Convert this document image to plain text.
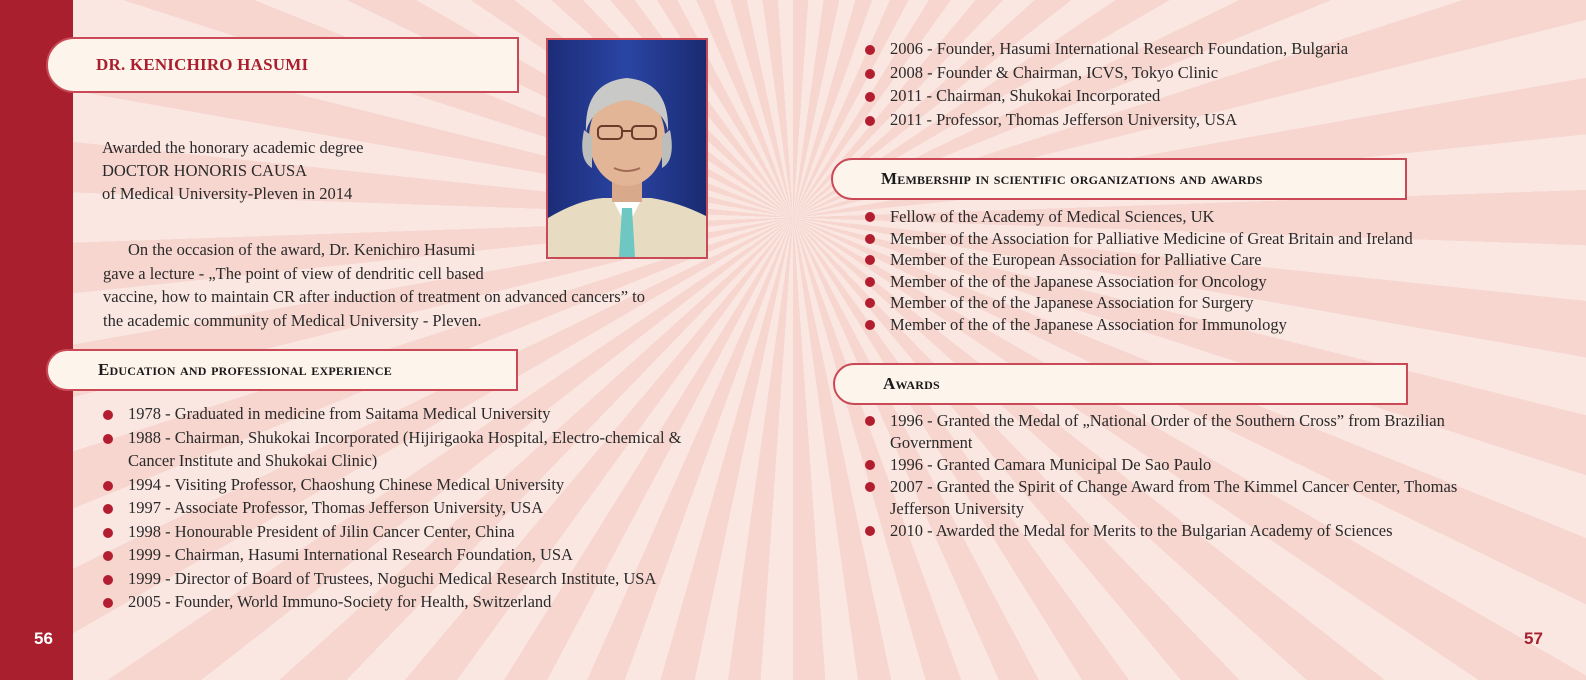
DR. KENICHIRO HASUMI
Awarded the honorary academic degree
DOCTOR HONORIS CAUSA
of Medical University-Pleven in 2014
On the occasion of the award, Dr. Kenichiro Hasumi
gave a lecture - „The point of view of dendritic cell based
vaccine, how to maintain CR after induction of treatment on advanced cancers” to
the academic community of Medical University - Pleven.
Education and professional experience
1978 - Graduated in medicine from Saitama Medical University
1988 - Chairman, Shukokai Incorporated (Hijirigaoka Hospital, Electro-chemical & Cancer Institute and Shukokai Clinic)
1994 - Visiting Professor, Chaoshung Chinese Medical University
1997 - Associate Professor, Thomas Jefferson University, USA
1998 - Honourable President of Jilin Cancer Center, China
1999 - Chairman, Hasumi International Research Foundation, USA
1999 - Director of Board of Trustees, Noguchi Medical Research Institute, USA
2005 - Founder, World Immuno-Society for Health, Switzerland
2006 - Founder, Hasumi International Research Foundation, Bulgaria
2008 - Founder & Chairman, ICVS, Tokyo Clinic
2011 - Chairman, Shukokai Incorporated
2011 - Professor, Thomas Jefferson University, USA
Membership in scientific organizations and awards
Fellow of the Academy of Medical Sciences, UK
Member of the Association for Palliative Medicine of Great Britain and Ireland
Member of the European Association for Palliative Care
Member of the of the Japanese Association for Oncology
Member of the of the Japanese Association for Surgery
Member of the of the Japanese Association for Immunology
Awards
1996 - Granted the Medal of „National Order of the Southern Cross” from Brazilian Government
1996 - Granted Camara Municipal De Sao Paulo
2007 - Granted the Spirit of Change Award from The Kimmel Cancer Center, Thomas Jefferson University
2010 - Awarded the Medal for Merits to the Bulgarian Academy of Sciences
56	57
